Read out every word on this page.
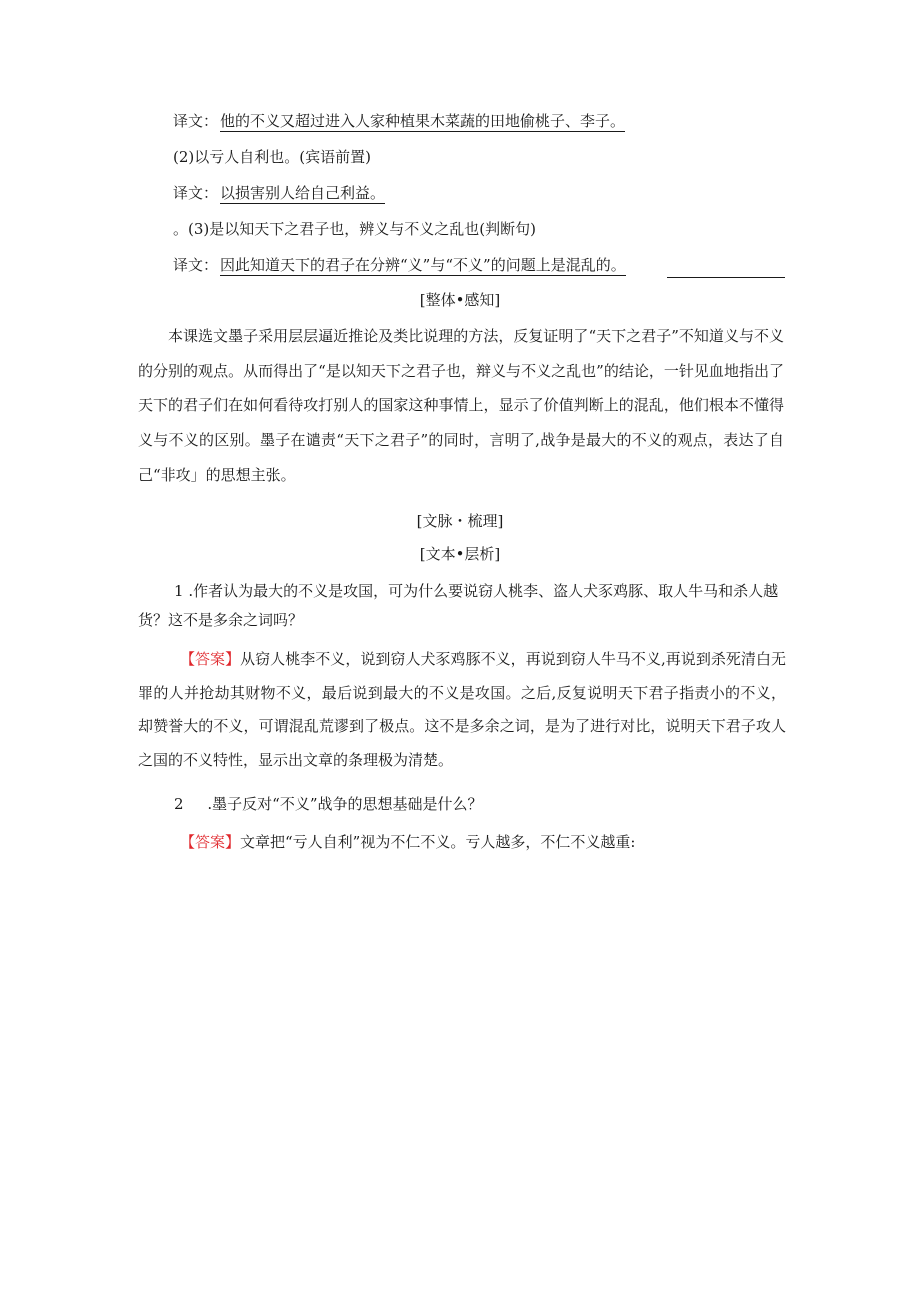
译文： 他的不义又超过进入人家种植果木菜蔬的田地偷桃子、李子。
(2)以亏人自利也。(宾语前置)
译文： 以损害别人给自己利益。
。(3)是以知天下之君子也，辨义与不义之乱也(判断句)
译文： 因此知道天下的君子在分辨“义”与“不义”的问题上是混乱的。
[整体•感知]

本课选文墨子采用层层逼近推论及类比说理的方法，反复证明了“天下之君子”不知道义与不义的分别的观点。从而得出了“是以知天下之君子也，辩义与不义之乱也”的结论，一针见血地指出了天下的君子们在如何看待攻打别人的国家这种事情上，显示了价值判断上的混乱，他们根本不懂得义与不义的区别。墨子在谴责“天下之君子”的同时，言明了,战争是最大的不义的观点，表达了自己“非攻」的思想主张。

[文脉・梳理]
[文本•层析]

1 .作者认为最大的不义是攻国，可为什么要说窃人桃李、盗人犬豕鸡豚、取人牛马和杀人越货？这不是多余之词吗？

【答案】从窃人桃李不义，说到窃人犬豕鸡豚不义，再说到窃人牛马不义,再说到杀死清白无罪的人并抢劫其财物不义，最后说到最大的不义是攻国。之后,反复说明天下君子指责小的不义，却赞誉大的不义，可谓混乱荒谬到了极点。这不是多余之词，是为了进行对比，说明天下君子攻人之国的不义特性，显示出文章的条理极为清楚。

2 .墨子反对“不义”战争的思想基础是什么？

【答案】文章把“亏人自利”视为不仁不义。亏人越多，不仁不义越重:
